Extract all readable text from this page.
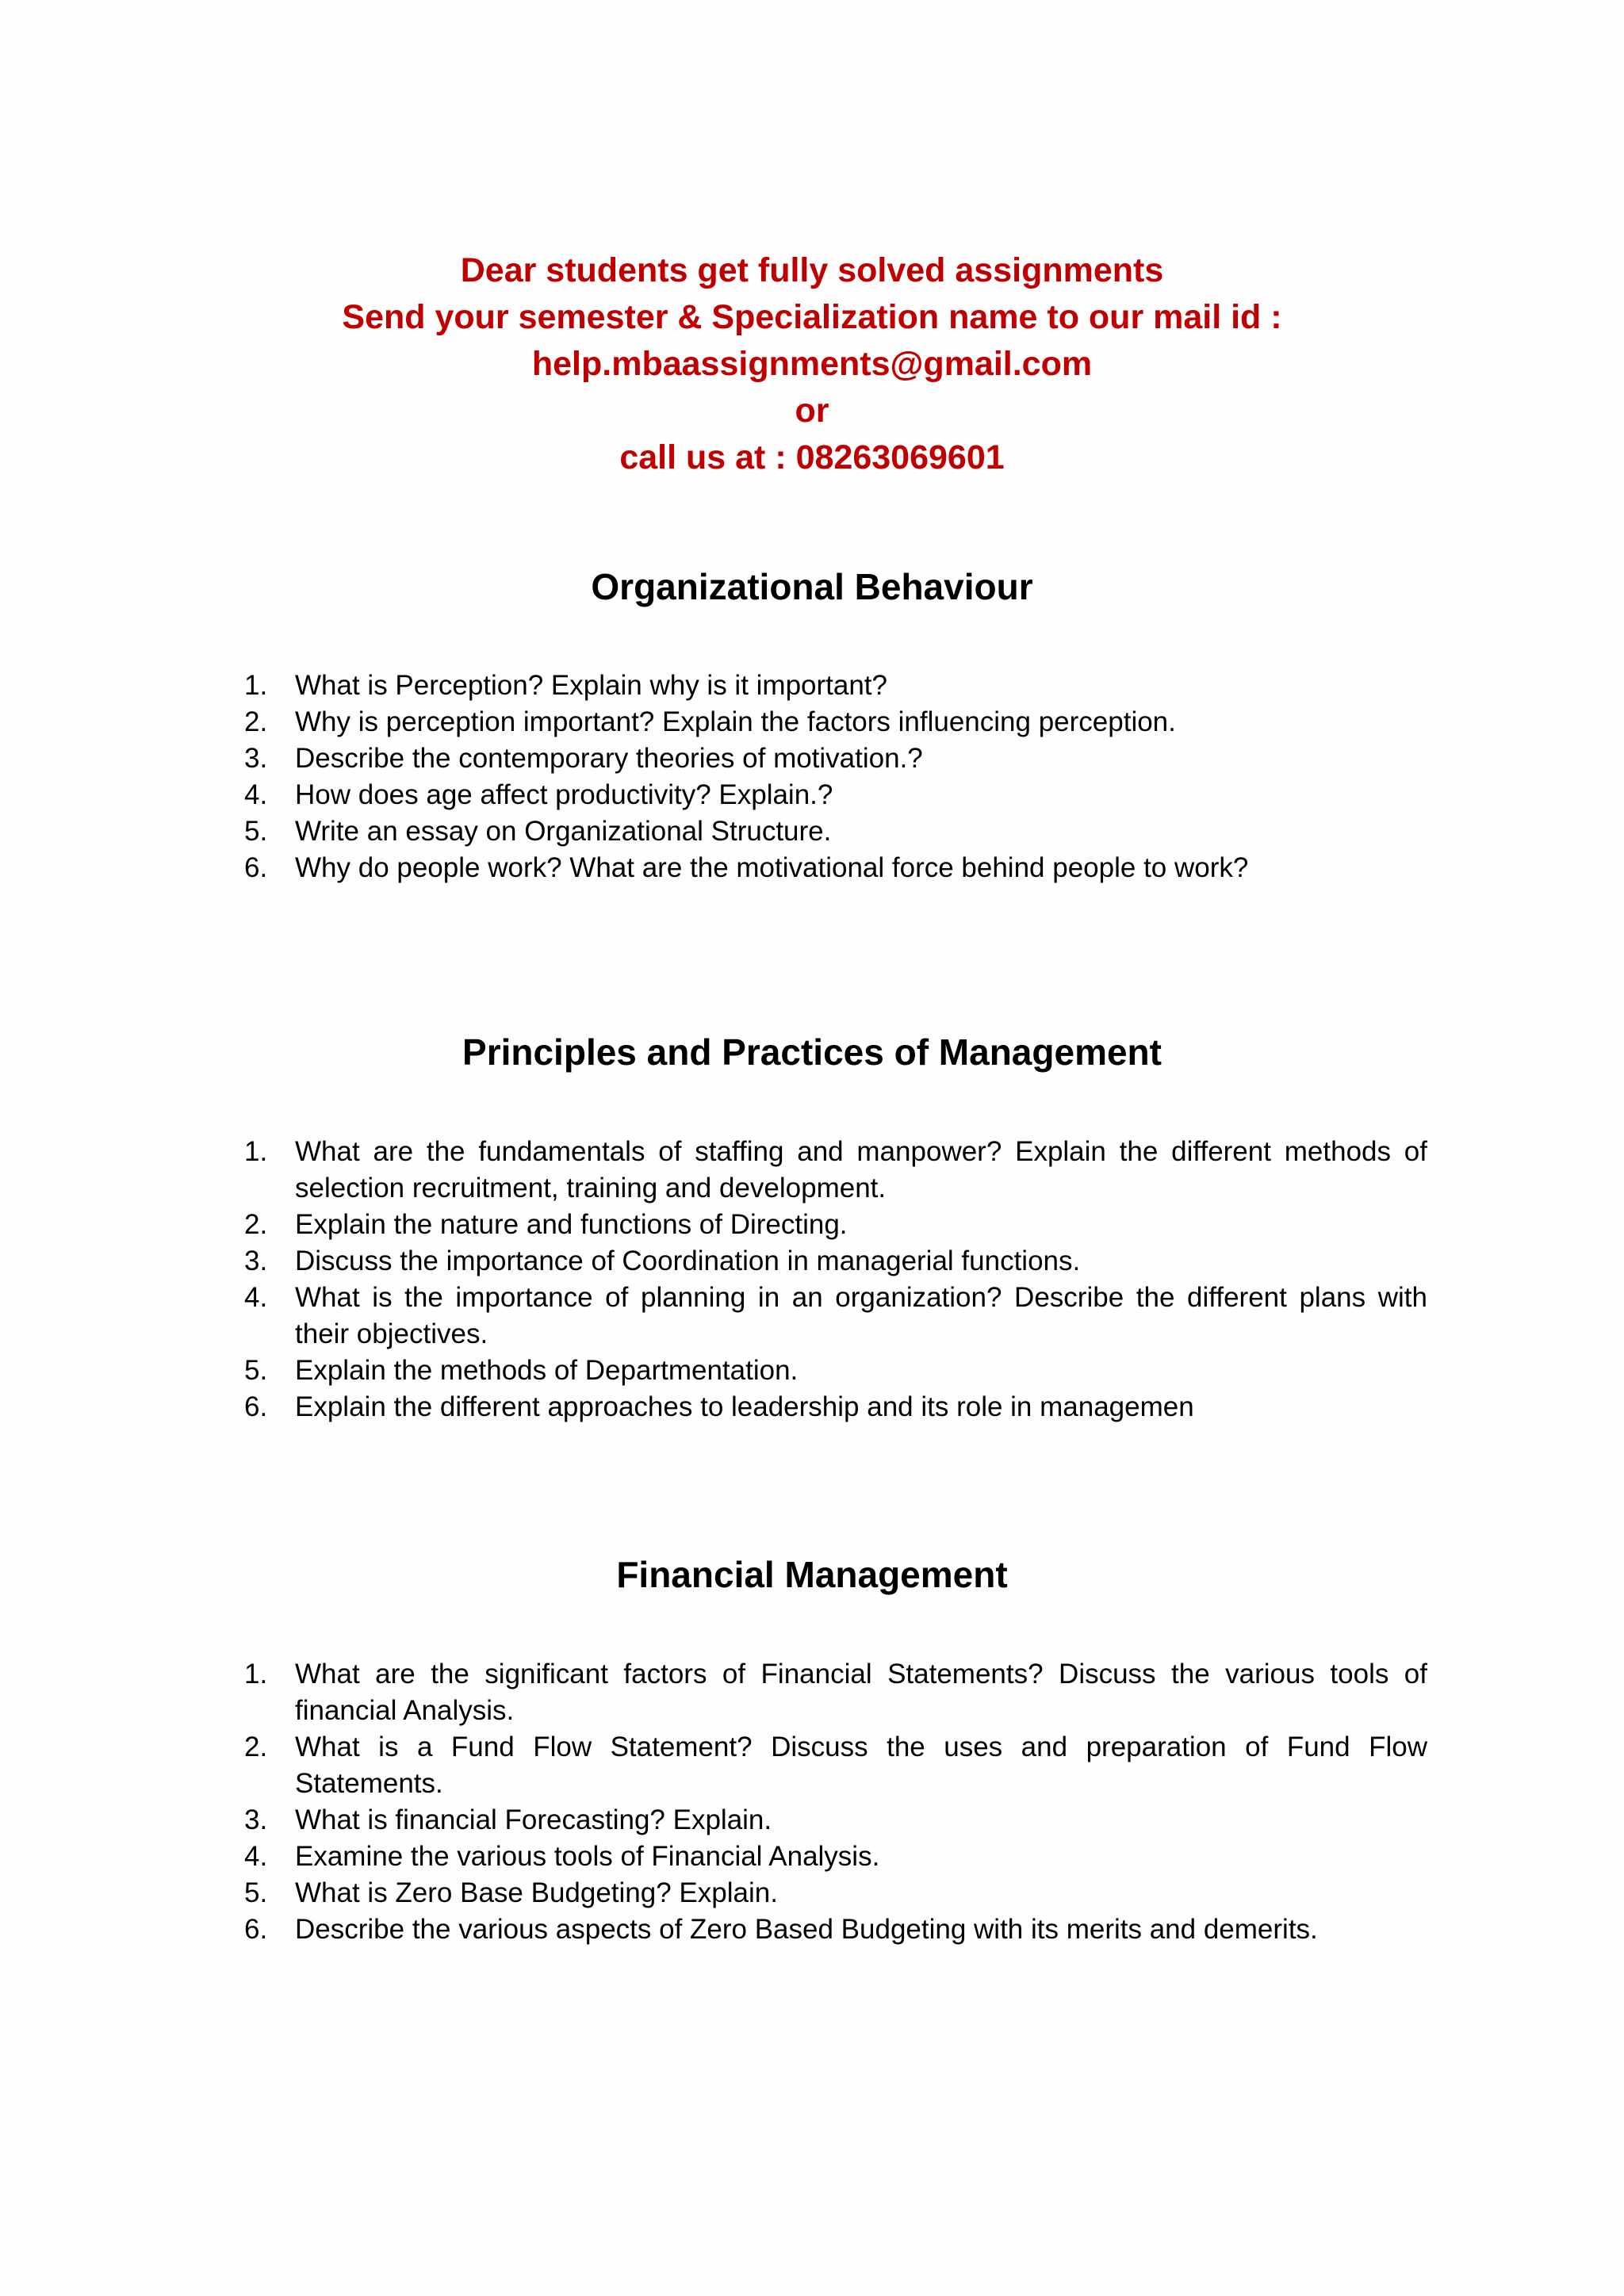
Dear students get fully solved assignments
Send your semester & Specialization name to our mail id :
help.mbaassignments@gmail.com
or
call us at : 08263069601
Organizational Behaviour
1. What is Perception? Explain why is it important?
2. Why is perception important? Explain the factors influencing perception.
3. Describe the contemporary theories of motivation.?
4. How does age affect productivity? Explain.?
5. Write an essay on Organizational Structure.
6. Why do people work? What are the motivational force behind people to work?
Principles and Practices of Management
1. What are the fundamentals of staffing and manpower? Explain the different methods of selection recruitment, training and development.
2. Explain the nature and functions of Directing.
3. Discuss the importance of Coordination in managerial functions.
4. What is the importance of planning in an organization? Describe the different plans with their objectives.
5. Explain the methods of Departmentation.
6. Explain the different approaches to leadership and its role in managemen
Financial Management
1. What are the significant factors of Financial Statements? Discuss the various tools of financial Analysis.
2. What is a Fund Flow Statement? Discuss the uses and preparation of Fund Flow Statements.
3. What is financial Forecasting? Explain.
4. Examine the various tools of Financial Analysis.
5. What is Zero Base Budgeting? Explain.
6. Describe the various aspects of Zero Based Budgeting with its merits and demerits.
